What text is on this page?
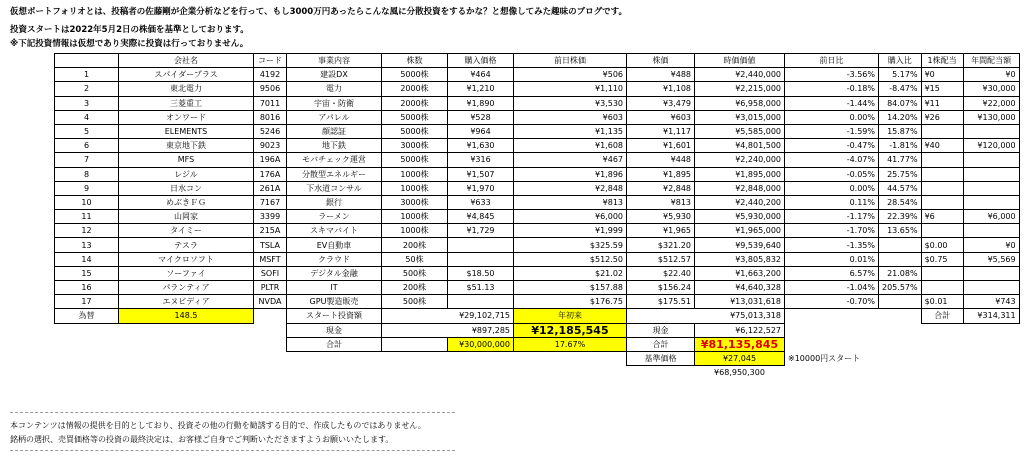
仮想ポートフォリオとは、投稿者の佐藤剛が企業分析などを行って、もし3000万円あったらこんな風に分散投資をするかな？と想像してみた趣味のブログです。
投資スタートは2022年5月2日の株価を基準としております。
※下記投資情報は仮想であり実際に投資は行っておりません。
	会社名	コード	事業内容	株数	購入価格	前日株価	株価	時価価値	前日比	購入比	1株配当	年間配当額
1	スパイダープラス	4192	建設DX	5000株	¥464	¥506	¥488	¥2,440,000	-3.56%	5.17%	¥0	¥0
2	東北電力	9506	電力	2000株	¥1,210	¥1,110	¥1,108	¥2,215,000	-0.18%	-8.47%	¥15	¥30,000
3	三菱重工	7011	宇宙・防衛	2000株	¥1,890	¥3,530	¥3,479	¥6,958,000	-1.44%	84.07%	¥11	¥22,000
4	オンワード	8016	アパレル	5000株	¥528	¥603	¥603	¥3,015,000	0.00%	14.20%	¥26	¥130,000
5	ELEMENTS	5246	顔認証	5000株	¥964	¥1,135	¥1,117	¥5,585,000	-1.59%	15.87%		
6	東京地下鉄	9023	地下鉄	3000株	¥1,630	¥1,608	¥1,601	¥4,801,500	-0.47%	-1.81%	¥40	¥120,000
7	MFS	196A	モバチェック運営	5000株	¥316	¥467	¥448	¥2,240,000	-4.07%	41.77%		
8	レジル	176A	分散型エネルギー	1000株	¥1,507	¥1,896	¥1,895	¥1,895,000	-0.05%	25.75%		
9	日水コン	261A	下水道コンサル	1000株	¥1,970	¥2,848	¥2,848	¥2,848,000	0.00%	44.57%		
10	めぶきＦＧ	7167	銀行	3000株	¥633	¥813	¥813	¥2,440,200	0.11%	28.54%		
11	山岡家	3399	ラーメン	1000株	¥4,845	¥6,000	¥5,930	¥5,930,000	-1.17%	22.39%	¥6	¥6,000
12	タイミー	215A	スキマバイト	1000株	¥1,729	¥1,999	¥1,965	¥1,965,000	-1.70%	13.65%		
13	テスラ	TSLA	EV自動車	200株		$325.59	$321.20	¥9,539,640	-1.35%		$0.00	¥0
14	マイクロソフト	MSFT	クラウド	50株		$512.50	$512.57	¥3,805,832	0.01%		$0.75	¥5,569
15	ソーファイ	SOFI	デジタル金融	500株	$18.50	$21.02	$22.40	¥1,663,200	6.57%	21.08%		
16	パランティア	PLTR	IT	200株	$51.13	$157.88	$156.24	¥4,640,328	-1.04%	205.57%		
17	エヌビディア	NVDA	GPU製造販売	500株		$176.75	$175.51	¥13,031,618	-0.70%		$0.01	¥743
為替	148.5		スタート投資額	¥29,102,715		年初来	¥75,013,318				合計	¥314,311
			現金	¥897,285		¥12,185,545	現金	¥6,122,527				
			合計		¥30,000,000	17.67%	合計	¥81,135,845				
							基準価格	¥27,045	※10000円スタート			
								¥68,950,300				
本コンテンツは情報の提供を目的としており、投資その他の行動を勧誘する目的で、作成したものではありません。
銘柄の選択、売買価格等の投資の最終決定は、お客様ご自身でご判断いただきますようお願いいたします。
